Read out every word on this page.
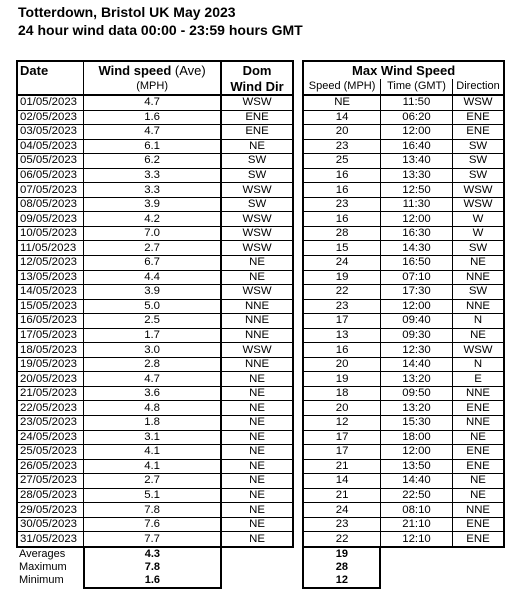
Totterdown, Bristol UK May 2023
24 hour wind data 00:00 - 23:59 hours GMT
Date	Wind speed (Ave)	Dom		Max Wind Speed		
	(MPH)	Wind Dir		Speed (MPH)	Time (GMT)	Direction
01/05/2023	4.7	WSW		NE	11:50	WSW
02/05/2023	1.6	ENE		14	06:20	ENE
03/05/2023	4.7	ENE		20	12:00	ENE
04/05/2023	6.1	NE		23	16:40	SW
05/05/2023	6.2	SW		25	13:40	SW
06/05/2023	3.3	SW		16	13:30	SW
07/05/2023	3.3	WSW		16	12:50	WSW
08/05/2023	3.9	SW		23	11:30	WSW
09/05/2023	4.2	WSW		16	12:00	W
10/05/2023	7.0	WSW		28	16:30	W
11/05/2023	2.7	WSW		15	14:30	SW
12/05/2023	6.7	NE		24	16:50	NE
13/05/2023	4.4	NE		19	07:10	NNE
14/05/2023	3.9	WSW		22	17:30	SW
15/05/2023	5.0	NNE		23	12:00	NNE
16/05/2023	2.5	NNE		17	09:40	N
17/05/2023	1.7	NNE		13	09:30	NE
18/05/2023	3.0	WSW		16	12:30	WSW
19/05/2023	2.8	NNE		20	14:40	N
20/05/2023	4.7	NE		19	13:20	E
21/05/2023	3.6	NE		18	09:50	NNE
22/05/2023	4.8	NE		20	13:20	ENE
23/05/2023	1.8	NE		12	15:30	NNE
24/05/2023	3.1	NE		17	18:00	NE
25/05/2023	4.1	NE		17	12:00	ENE
26/05/2023	4.1	NE		21	13:50	ENE
27/05/2023	2.7	NE		14	14:40	NE
28/05/2023	5.1	NE		21	22:50	NE
29/05/2023	7.8	NE		24	08:10	NNE
30/05/2023	7.6	NE		23	21:10	ENE
31/05/2023	7.7	NE		22	12:10	ENE
Averages	4.3			19		
Maximum	7.8			28		
Minimum	1.6			12		
